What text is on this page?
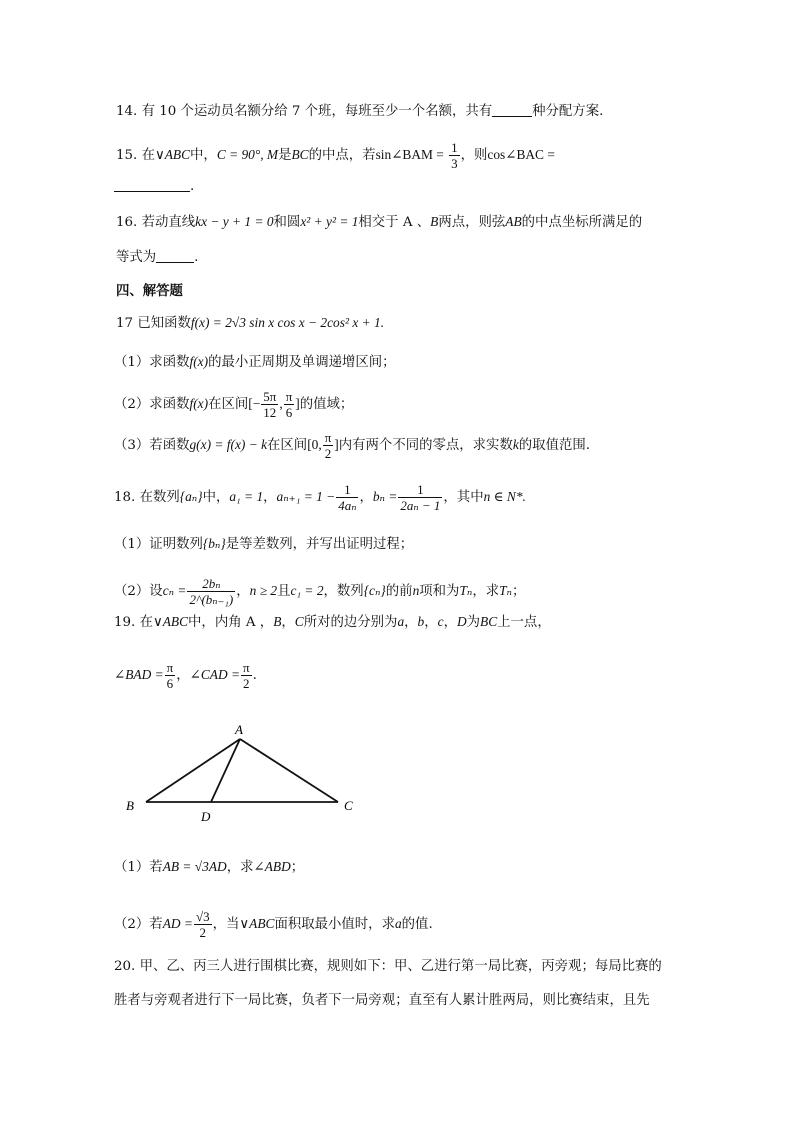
14. 有 10 个运动员名额分给 7 个班，每班至少一个名额，共有	种分配方案.
15. 在∨ABC中，C = 90°, M是BC的中点，若sin∠BAM = $\frac{1}{3}$ ，则cos∠BAC =
.
16. 若动直线kx − y + 1 = 0和圆x² + y² = 1相交于 A 、B两点，则弦AB的中点坐标所满足的
等式为	.
四、解答题
17 已知函数f(x) = 2√3 sin x cos x − 2cos² x + 1.
（1）求函数f(x)的最小正周期及单调递增区间；
（2）求函数f(x)在区间[− $\frac{5\pi}{12}$ , $\frac{\pi}{6}$ ]的值域；
（3）若函数g(x) = f(x) − k在区间[0, $\frac{\pi}{2}$ ]内有两个不同的零点，求实数k的取值范围.
18. 在数列{aₙ}中，a₁ = 1，$a_{n+1} = 1 - \frac{1}{\text{4aₙ}}$ ，$b_n = \frac{1}{\text{2aₙ − 1}}$ ，其中n ∈ N*.
（1）证明数列{bₙ}是等差数列，并写出证明过程；
（2）设$c_n = \frac{\text{2bₙ}}{\text{2\textasciicircum{}(bₙ₋₁)}}$ ，n ≥ 2且c₁ = 2，数列{cₙ}的前n项和为Tₙ，求Tₙ；
19. 在∨ABC中，内角 A ，B，C所对的边分别为a，b，c，D为BC上一点，
∠BAD = $\frac{\pi}{6}$ ，∠CAD = $\frac{\pi}{2}$ .
A
B	C
D
（1）若AB = √3AD，求∠ABD；
（2）若AD = $\frac{√3}{2}$ ，当∨ABC面积取最小值时，求a的值.
20. 甲、乙、丙三人进行围棋比赛，规则如下：甲、乙进行第一局比赛，丙旁观；每局比赛的
胜者与旁观者进行下一局比赛，负者下一局旁观；直至有人累计胜两局，则比赛结束，且先
